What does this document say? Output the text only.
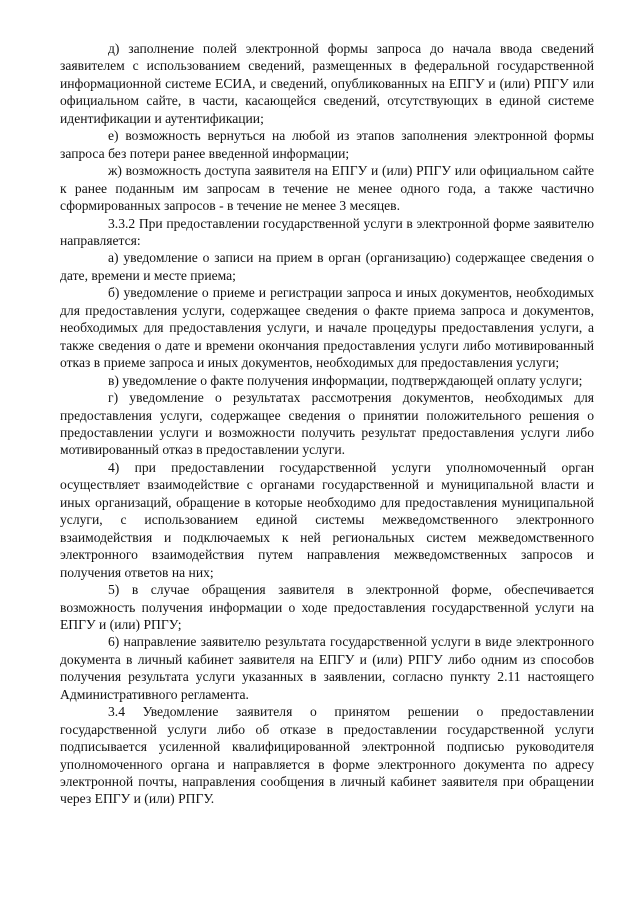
д) заполнение полей электронной формы запроса до начала ввода сведений заявителем с использованием сведений, размещенных в федеральной государственной информационной системе ЕСИА, и сведений, опубликованных на ЕПГУ и (или) РПГУ или официальном сайте, в части, касающейся сведений, отсутствующих в единой системе идентификации и аутентификации;

е) возможность вернуться на любой из этапов заполнения электронной формы запроса без потери ранее введенной информации;

ж) возможность доступа заявителя на ЕПГУ и (или) РПГУ или официальном сайте к ранее поданным им запросам в течение не менее одного года, а также частично сформированных запросов - в течение не менее 3 месяцев.

3.3.2 При предоставлении государственной услуги в электронной форме заявителю направляется:

а) уведомление о записи на прием в орган (организацию) содержащее сведения о дате, времени и месте приема;

б) уведомление о приеме и регистрации запроса и иных документов, необходимых для предоставления услуги, содержащее сведения о факте приема запроса и документов, необходимых для предоставления услуги, и начале процедуры предоставления услуги, а также сведения о дате и времени окончания предоставления услуги либо мотивированный отказ в приеме запроса и иных документов, необходимых для предоставления услуги;

в) уведомление о факте получения информации, подтверждающей оплату услуги;

г) уведомление о результатах рассмотрения документов, необходимых для предоставления услуги, содержащее сведения о принятии положительного решения о предоставлении услуги и возможности получить результат предоставления услуги либо мотивированный отказ в предоставлении услуги.

4) при предоставлении государственной услуги уполномоченный орган осуществляет взаимодействие с органами государственной и муниципальной власти и иных организаций, обращение в которые необходимо для предоставления муниципальной услуги, с использованием единой системы межведомственного электронного взаимодействия и подключаемых к ней региональных систем межведомственного электронного взаимодействия путем направления межведомственных запросов и получения ответов на них;

5) в случае обращения заявителя в электронной форме, обеспечивается возможность получения информации о ходе предоставления государственной услуги на ЕПГУ и (или) РПГУ;

6) направление заявителю результата государственной услуги в виде электронного документа в личный кабинет заявителя на ЕПГУ и (или) РПГУ либо одним из способов получения результата услуги указанных в заявлении, согласно пункту 2.11 настоящего Административного регламента.

3.4 Уведомление заявителя о принятом решении о предоставлении государственной услуги либо об отказе в предоставлении государственной услуги подписывается усиленной квалифицированной электронной подписью руководителя уполномоченного органа и направляется в форме электронного документа по адресу электронной почты, направления сообщения в личный кабинет заявителя при обращении через ЕПГУ и (или) РПГУ.
